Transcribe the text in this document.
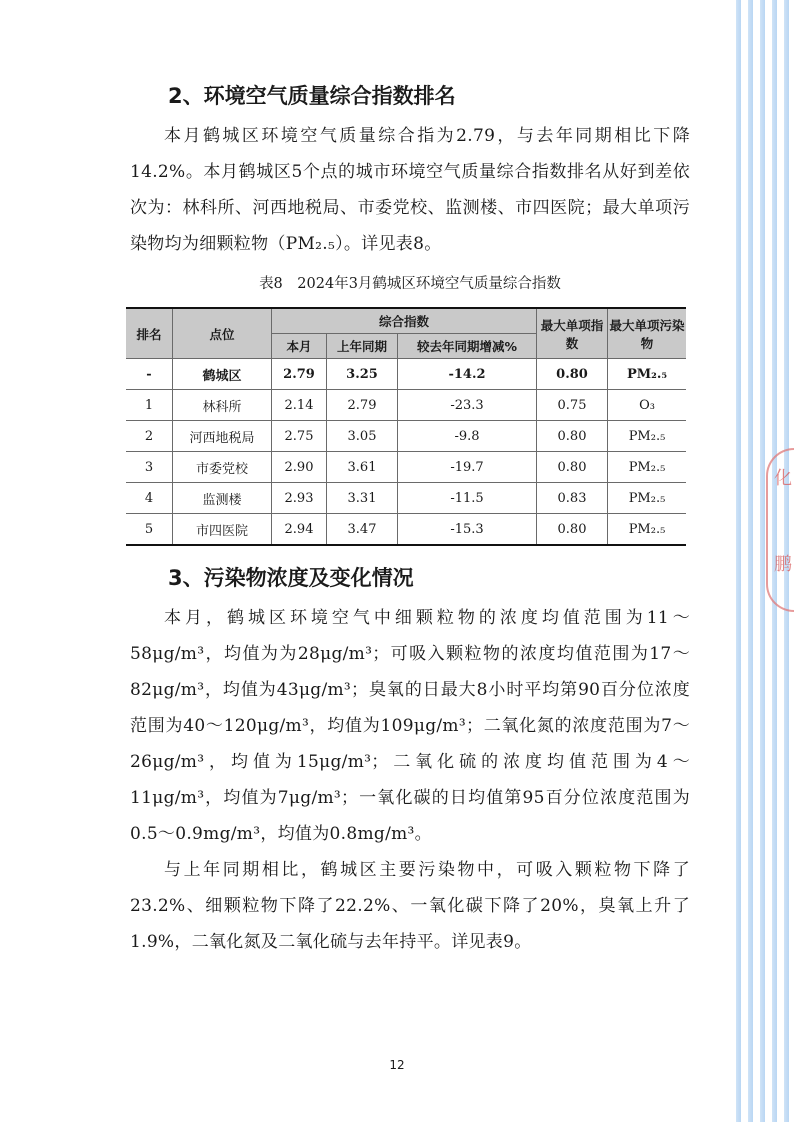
化
鹏
2、环境空气质量综合指数排名

本月鹤城区环境空气质量综合指为2.79，与去年同期相比下降14.2%。本月鹤城区5个点的城市环境空气质量综合指数排名从好到差依次为：林科所、河西地税局、市委党校、监测楼、市四医院；最大单项污染物均为细颗粒物（PM₂.₅）。详见表8。

表8　2024年3月鹤城区环境空气质量综合指数
排名	点位	综合指数			最大单项指数	最大单项污染物
		本月	上年同期	较去年同期增减%		
-	鹤城区	2.79	3.25	-14.2	0.80	PM₂.₅
1	林科所	2.14	2.79	-23.3	0.75	O₃
2	河西地税局	2.75	3.05	-9.8	0.80	PM₂.₅
3	市委党校	2.90	3.61	-19.7	0.80	PM₂.₅
4	监测楼	2.93	3.31	-11.5	0.83	PM₂.₅
5	市四医院	2.94	3.47	-15.3	0.80	PM₂.₅
3、污染物浓度及变化情况

本月，鹤城区环境空气中细颗粒物的浓度均值范围为11～58μg/m³，均值为为28μg/m³；可吸入颗粒物的浓度均值范围为17～82μg/m³，均值为43μg/m³；臭氧的日最大8小时平均第90百分位浓度范围为40～120μg/m³，均值为109μg/m³；二氧化氮的浓度范围为7～26μg/m³，均值为15μg/m³；二氧化硫的浓度均值范围为4～11μg/m³，均值为7μg/m³；一氧化碳的日均值第95百分位浓度范围为0.5～0.9mg/m³，均值为0.8mg/m³。

与上年同期相比，鹤城区主要污染物中，可吸入颗粒物下降了23.2%、细颗粒物下降了22.2%、一氧化碳下降了20%，臭氧上升了1.9%，二氧化氮及二氧化硫与去年持平。详见表9。

12
